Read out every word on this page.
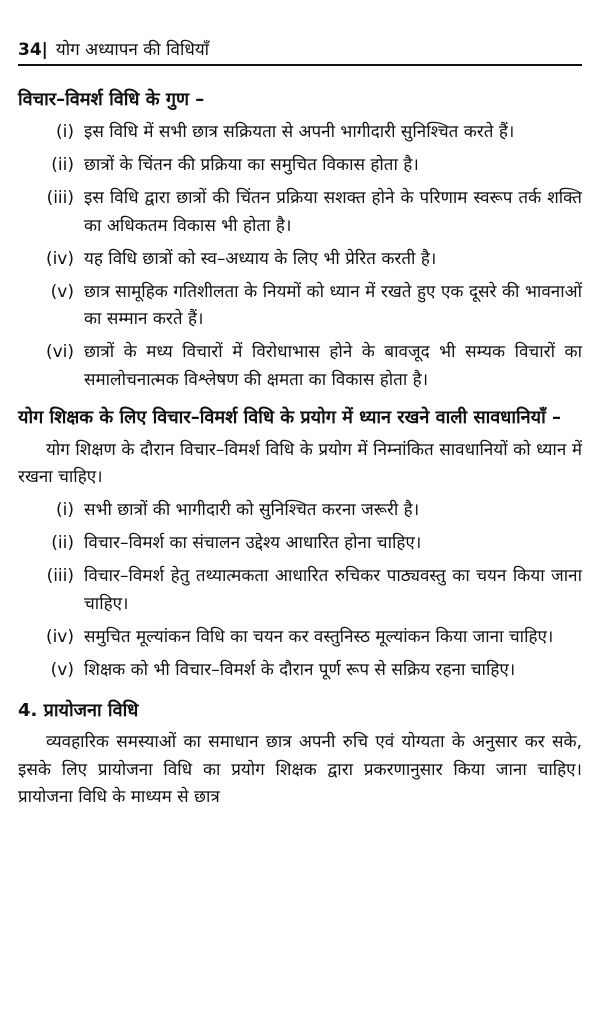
34| योग अध्यापन की विधियाँ
विचार–विमर्श विधि के गुण –
(i) इस विधि में सभी छात्र सक्रियता से अपनी भागीदारी सुनिश्चित करते हैं।
(ii) छात्रों के चिंतन की प्रक्रिया का समुचित विकास होता है।
(iii) इस विधि द्वारा छात्रों की चिंतन प्रक्रिया सशक्त होने के परिणाम स्वरूप तर्क शक्ति का अधिकतम विकास भी होता है।
(iv) यह विधि छात्रों को स्व–अध्याय के लिए भी प्रेरित करती है।
(v) छात्र सामूहिक गतिशीलता के नियमों को ध्यान में रखते हुए एक दूसरे की भावनाओं का सम्मान करते हैं।
(vi) छात्रों के मध्य विचारों में विरोधाभास होने के बावजूद भी सम्यक विचारों का समालोचनात्मक विश्लेषण की क्षमता का विकास होता है।
योग शिक्षक के लिए विचार–विमर्श विधि के प्रयोग में ध्यान रखने वाली सावधानियाँ –

योग शिक्षण के दौरान विचार–विमर्श विधि के प्रयोग में निम्नांकित सावधानियों को ध्यान में रखना चाहिए।

(i) सभी छात्रों की भागीदारी को सुनिश्चित करना जरूरी है।
(ii) विचार–विमर्श का संचालन उद्देश्य आधारित होना चाहिए।
(iii) विचार–विमर्श हेतु तथ्यात्मकता आधारित रुचिकर पाठ्यवस्तु का चयन किया जाना चाहिए।
(iv) समुचित मूल्यांकन विधि का चयन कर वस्तुनिस्ठ मूल्यांकन किया जाना चाहिए।
(v) शिक्षक को भी विचार–विमर्श के दौरान पूर्ण रूप से सक्रिय रहना चाहिए।
4. प्रायोजना विधि

व्यवहारिक समस्याओं का समाधान छात्र अपनी रुचि एवं योग्यता के अनुसार कर सके, इसके लिए प्रायोजना विधि का प्रयोग शिक्षक द्वारा प्रकरणानुसार किया जाना चाहिए। प्रायोजना विधि के माध्यम से छात्र
